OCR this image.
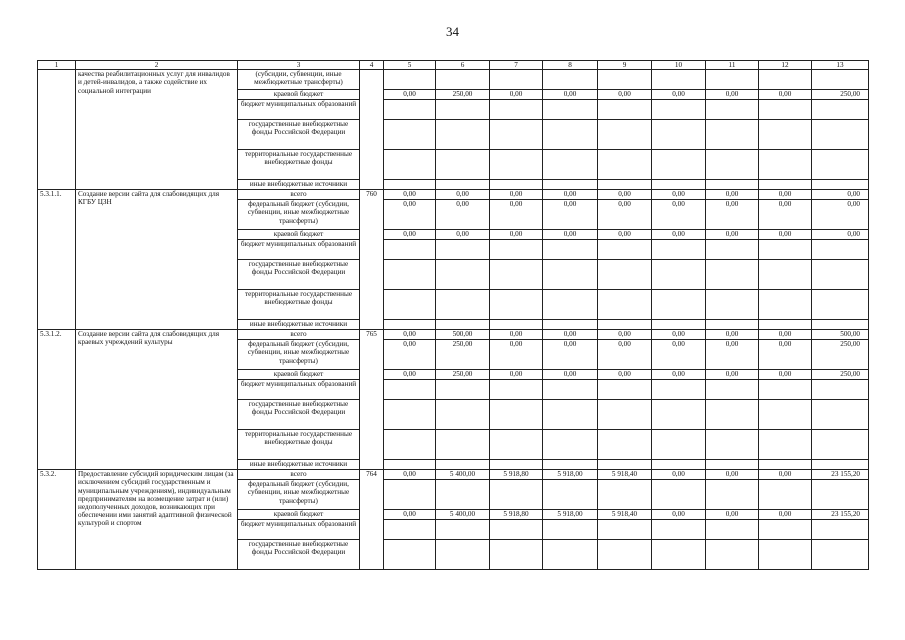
34
1	2	3	4	5	6	7	8	9	10	11	12	13
	качества реабилитационных услуг для инвалидов и детей-инвалидов, а также содействие их социальной интеграции	(субсидии, субвенции, иные межбюджетные трансферты)										
		краевой бюджет		0,00	250,00	0,00	0,00	0,00	0,00	0,00	0,00	250,00
		бюджет муниципальных образований										
		государственные внебюджетные фонды Российской Федерации										
		территориальные государственные внебюджетные фонды										
		иные внебюджетные источники										
5.3.1.1.	Создание версии сайта для слабовидящих для КГБУ ЦЗН	всего	760	0,00	0,00	0,00	0,00	0,00	0,00	0,00	0,00	0,00
		федеральный бюджет (субсидии, субвенции, иные межбюджетные трансферты)		0,00	0,00	0,00	0,00	0,00	0,00	0,00	0,00	0,00
		краевой бюджет		0,00	0,00	0,00	0,00	0,00	0,00	0,00	0,00	0,00
		бюджет муниципальных образований										
		государственные внебюджетные фонды Российской Федерации										
		территориальные государственные внебюджетные фонды										
		иные внебюджетные источники										
5.3.1.2.	Создание версии сайта для слабовидящих для краевых учреждений культуры	всего	765	0,00	500,00	0,00	0,00	0,00	0,00	0,00	0,00	500,00
		федеральный бюджет (субсидии, субвенции, иные межбюджетные трансферты)		0,00	250,00	0,00	0,00	0,00	0,00	0,00	0,00	250,00
		краевой бюджет		0,00	250,00	0,00	0,00	0,00	0,00	0,00	0,00	250,00
		бюджет муниципальных образований										
		государственные внебюджетные фонды Российской Федерации										
		территориальные государственные внебюджетные фонды										
		иные внебюджетные источники										
5.3.2.	Предоставление субсидий юридическим лицам (за исключением субсидий государственным и муниципальным учреждениям), индивидуальным предпринимателям на возмещение затрат и (или) недополученных доходов, возникающих при обеспечении ими занятий адаптивной физической культурой и спортом	всего	764	0,00	5 400,00	5 918,80	5 918,00	5 918,40	0,00	0,00	0,00	23 155,20
		федеральный бюджет (субсидии, субвенции, иные межбюджетные трансферты)										
		краевой бюджет		0,00	5 400,00	5 918,80	5 918,00	5 918,40	0,00	0,00	0,00	23 155,20
		бюджет муниципальных образований										
		государственные внебюджетные фонды Российской Федерации										
